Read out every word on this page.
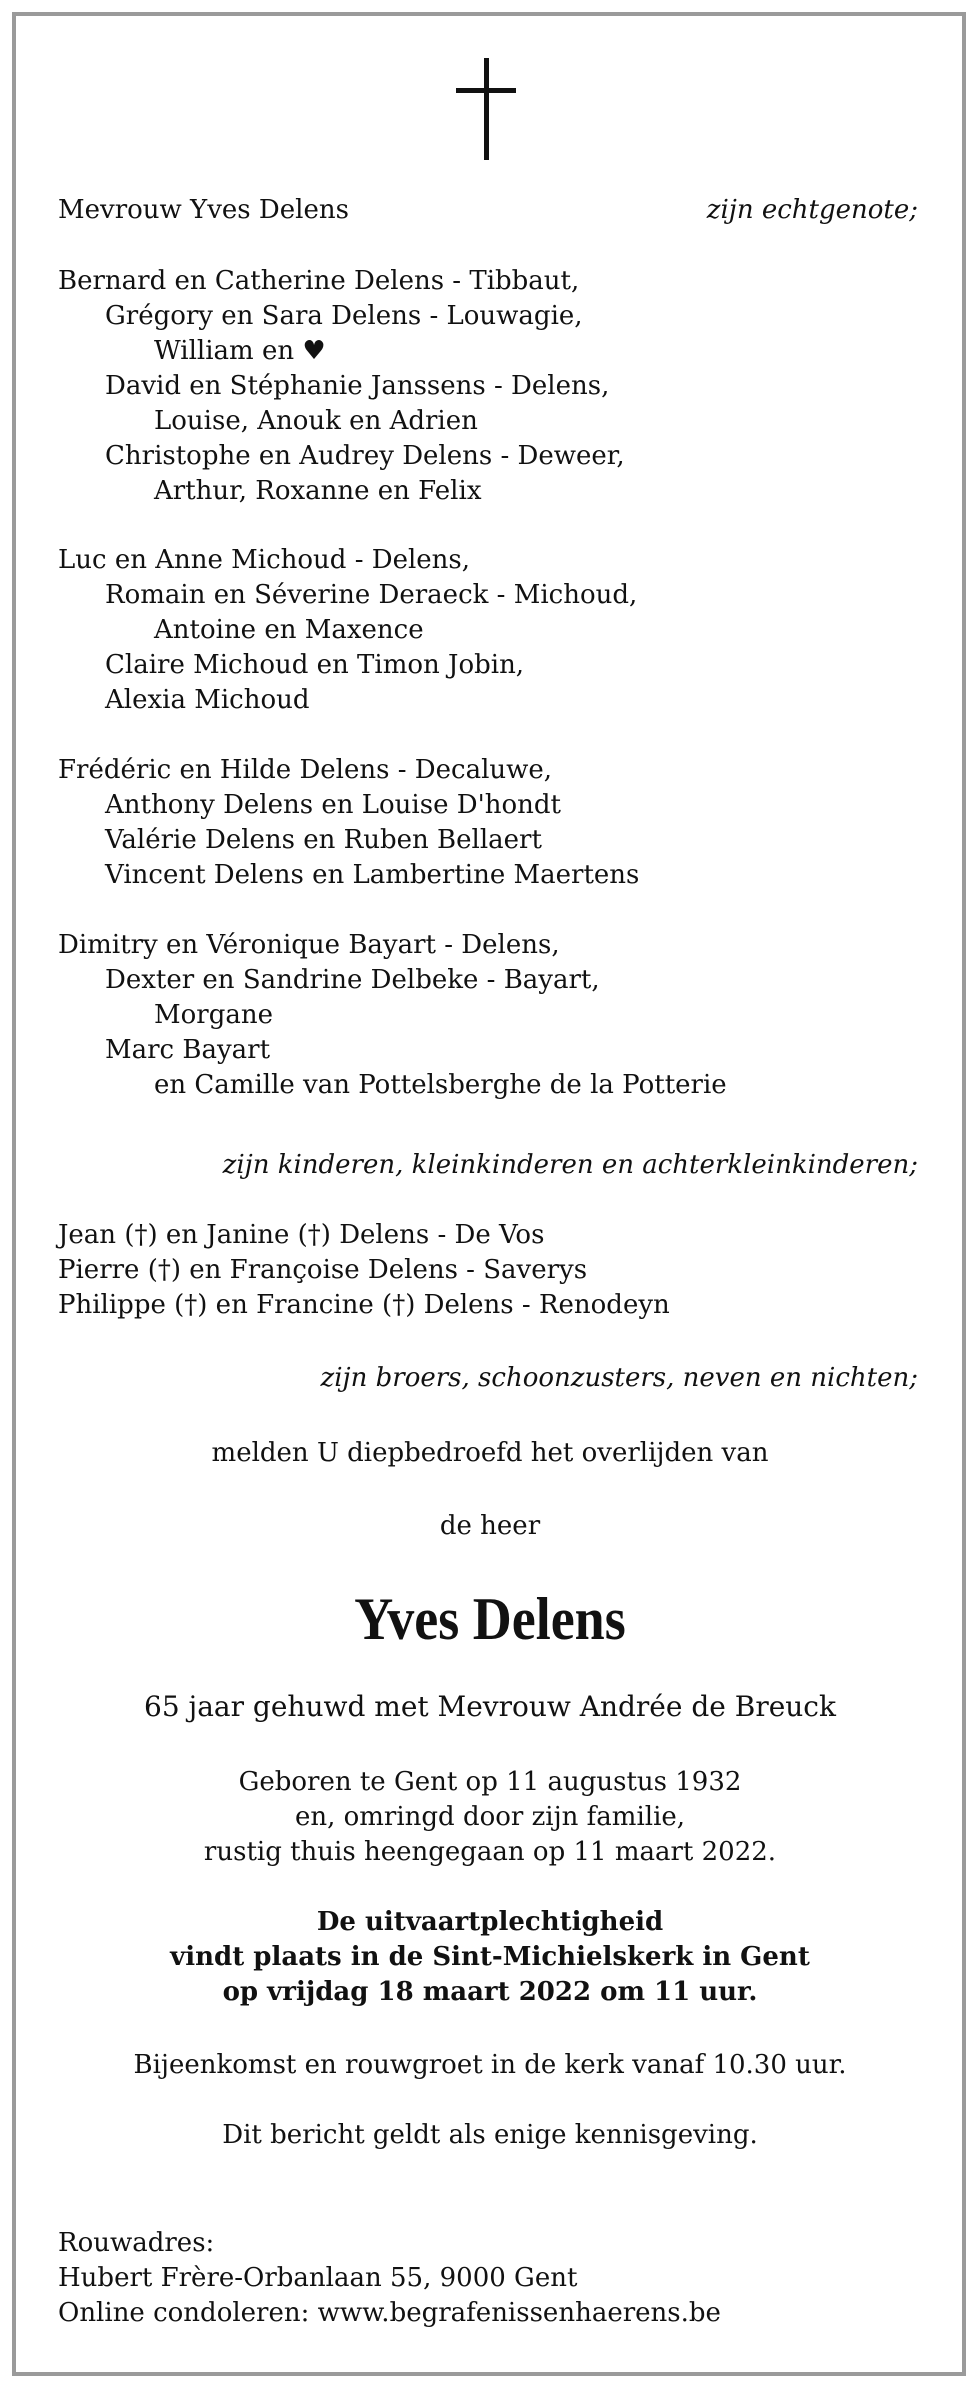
Mevrouw Yves Delens	zijn echtgenote;
Bernard en Catherine Delens - Tibbaut,
Grégory en Sara Delens - Louwagie,
William en ♥
David en Stéphanie Janssens - Delens,
Louise, Anouk en Adrien
Christophe en Audrey Delens - Deweer,
Arthur, Roxanne en Felix
Luc en Anne Michoud - Delens,
Romain en Séverine Deraeck - Michoud,
Antoine en Maxence
Claire Michoud en Timon Jobin,
Alexia Michoud
Frédéric en Hilde Delens - Decaluwe,
Anthony Delens en Louise D'hondt
Valérie Delens en Ruben Bellaert
Vincent Delens en Lambertine Maertens
Dimitry en Véronique Bayart - Delens,
Dexter en Sandrine Delbeke - Bayart,
Morgane
Marc Bayart
en Camille van Pottelsberghe de la Potterie
zijn kinderen, kleinkinderen en achterkleinkinderen;
Jean (†) en Janine (†) Delens - De Vos
Pierre (†) en Françoise Delens - Saverys
Philippe (†) en Francine (†) Delens - Renodeyn
zijn broers, schoonzusters, neven en nichten;
melden U diepbedroefd het overlijden van
de heer
Yves Delens
65 jaar gehuwd met Mevrouw Andrée de Breuck
Geboren te Gent op 11 augustus 1932
en, omringd door zijn familie,
rustig thuis heengegaan op 11 maart 2022.
De uitvaartplechtigheid
vindt plaats in de Sint-Michielskerk in Gent
op vrijdag 18 maart 2022 om 11 uur.
Bijeenkomst en rouwgroet in de kerk vanaf 10.30 uur.
Dit bericht geldt als enige kennisgeving.
Rouwadres:
Hubert Frère-Orbanlaan 55, 9000 Gent
Online condoleren: www.begrafenissenhaerens.be
